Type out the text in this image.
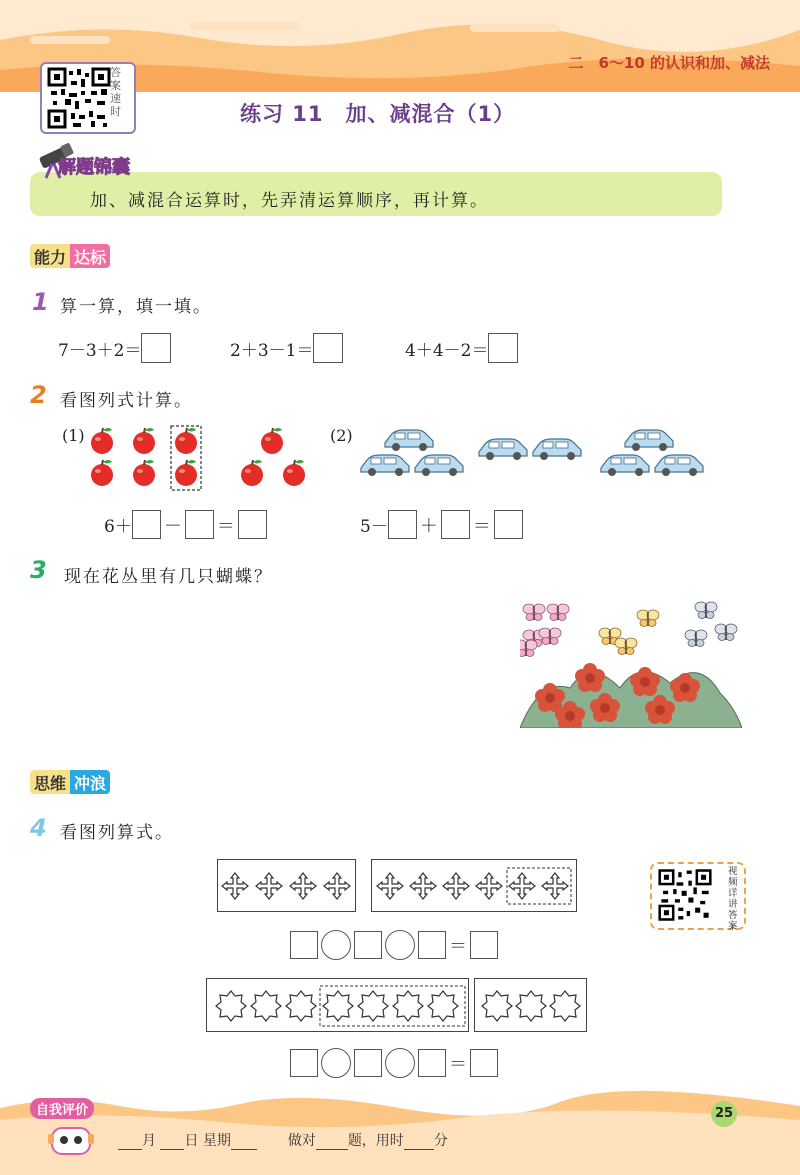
二　6～10 的认识和加、减法
答案速时	练习 11　加、减混合（1）
解题锦囊
加、减混合运算时，先弄清运算顺序，再计算。
能力 达标
1 算一算，填一填。
7－3＋2＝	2＋3－1＝	4＋4－2＝
2 看图列式计算。
(1)	(2)
6＋ － ＝	5－ ＋ ＝
3 现在花丛里有几只蝴蝶？
思维 冲浪
4 看图列算式。
视频详讲答案
＝
＝
自我评价
月 日 星期	做对 题，用时 分
25
